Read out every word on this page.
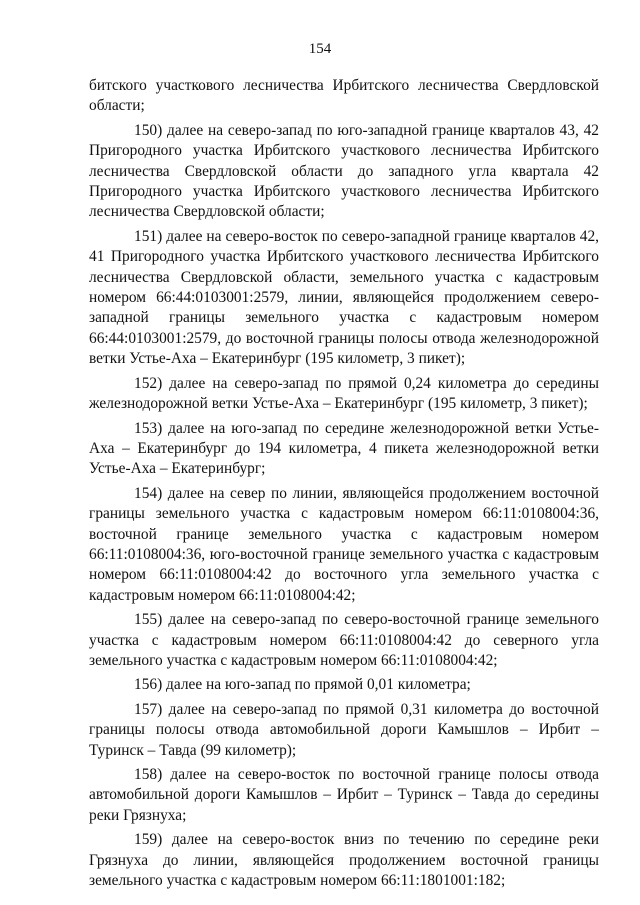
154

битского участкового лесничества Ирбитского лесничества Свердловской области;

150) далее на северо-запад по юго-западной границе кварталов 43, 42 Пригородного участка Ирбитского участкового лесничества Ирбитского лесничества Свердловской области до западного угла квартала 42 Пригородного участка Ирбитского участкового лесничества Ирбитского лесничества Свердловской области;

151) далее на северо-восток по северо-западной границе кварталов 42, 41 Пригородного участка Ирбитского участкового лесничества Ирбитского лесничества Свердловской области, земельного участка с кадастровым номером 66:44:0103001:2579, линии, являющейся продолжением северо-западной границы земельного участка с кадастровым номером 66:44:0103001:2579, до восточной границы полосы отвода железнодорожной ветки Устье-Аха – Екатеринбург (195 километр, 3 пикет);

152) далее на северо-запад по прямой 0,24 километра до середины железнодорожной ветки Устье-Аха – Екатеринбург (195 километр, 3 пикет);

153) далее на юго-запад по середине железнодорожной ветки Устье-Аха – Екатеринбург до 194 километра, 4 пикета железнодорожной ветки Устье-Аха – Екатеринбург;

154) далее на север по линии, являющейся продолжением восточной границы земельного участка с кадастровым номером 66:11:0108004:36, восточной границе земельного участка с кадастровым номером 66:11:0108004:36, юго-восточной границе земельного участка с кадастровым номером 66:11:0108004:42 до восточного угла земельного участка с кадастровым номером 66:11:0108004:42;

155) далее на северо-запад по северо-восточной границе земельного участка с кадастровым номером 66:11:0108004:42 до северного угла земельного участка с кадастровым номером 66:11:0108004:42;

156) далее на юго-запад по прямой 0,01 километра;

157) далее на северо-запад по прямой 0,31 километра до восточной границы полосы отвода автомобильной дороги Камышлов – Ирбит – Туринск – Тавда (99 километр);

158) далее на северо-восток по восточной границе полосы отвода автомобильной дороги Камышлов – Ирбит – Туринск – Тавда до середины реки Грязнуха;

159) далее на северо-восток вниз по течению по середине реки Грязнуха до линии, являющейся продолжением восточной границы земельного участка с кадастровым номером 66:11:1801001:182;
